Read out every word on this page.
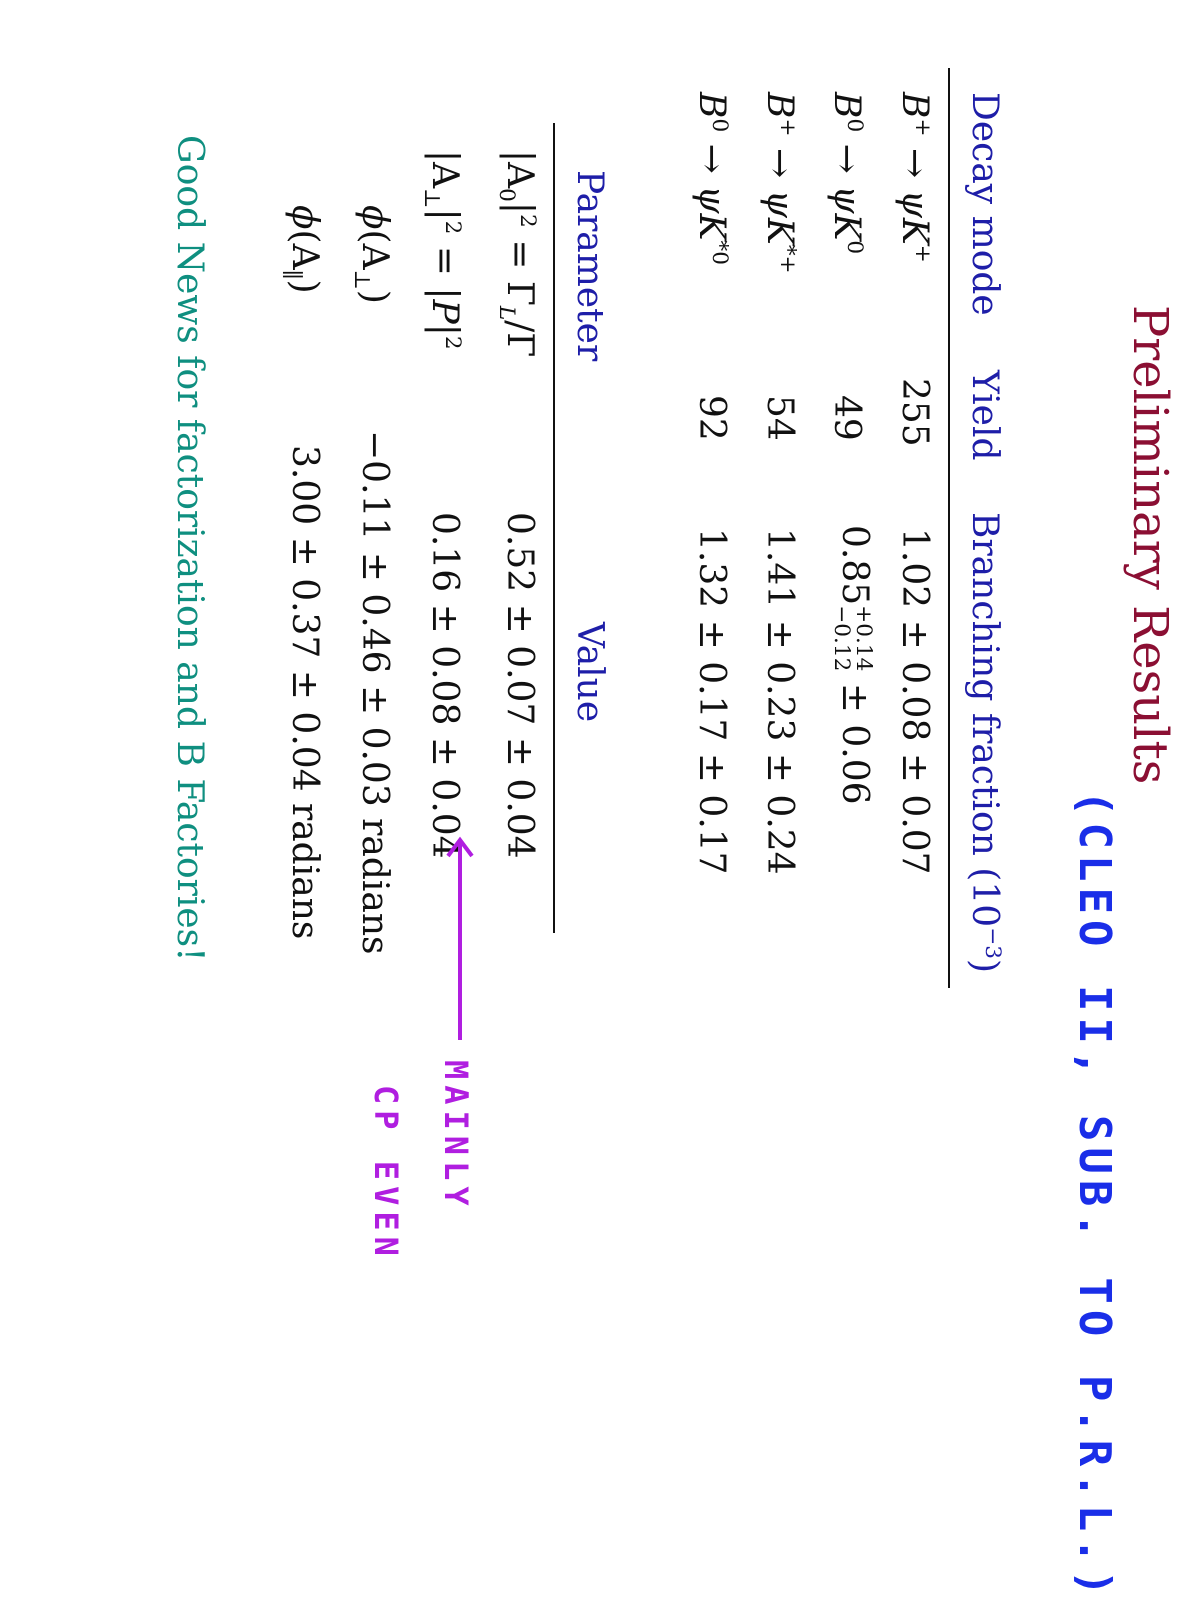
Preliminary Results
(CLEO II, SUB. TO P.R.L.)
Decay mode
Yield
Branching fraction $(10^{-3})$
B+ → ψK+
255
1.02 ± 0.08 ± 0.07
$B^0 \to \psi K^0$
49
0.85
+0.14
−0.12
± 0.06
B+ → ψK*+
54
1.41 ± 0.23 ± 0.24
$B^0 \to \psi K^{*0}$
92
1.32 ± 0.17 ± 0.17
Parameter
Value
$|A_0|^2 = \Gamma_L/\Gamma$
0.52 ± 0.07 ± 0.04
$|A_\perp|^2 = |P|^2$
0.16 ± 0.08 ± 0.04
$\phi(A_\perp)$
−0.11 ± 0.46 ± 0.03 radians
$\phi(A_\parallel)$
3.00 ± 0.37 ± 0.04 radians
MAINLY
CP EVEN
Good News for factorization and B Factories!
